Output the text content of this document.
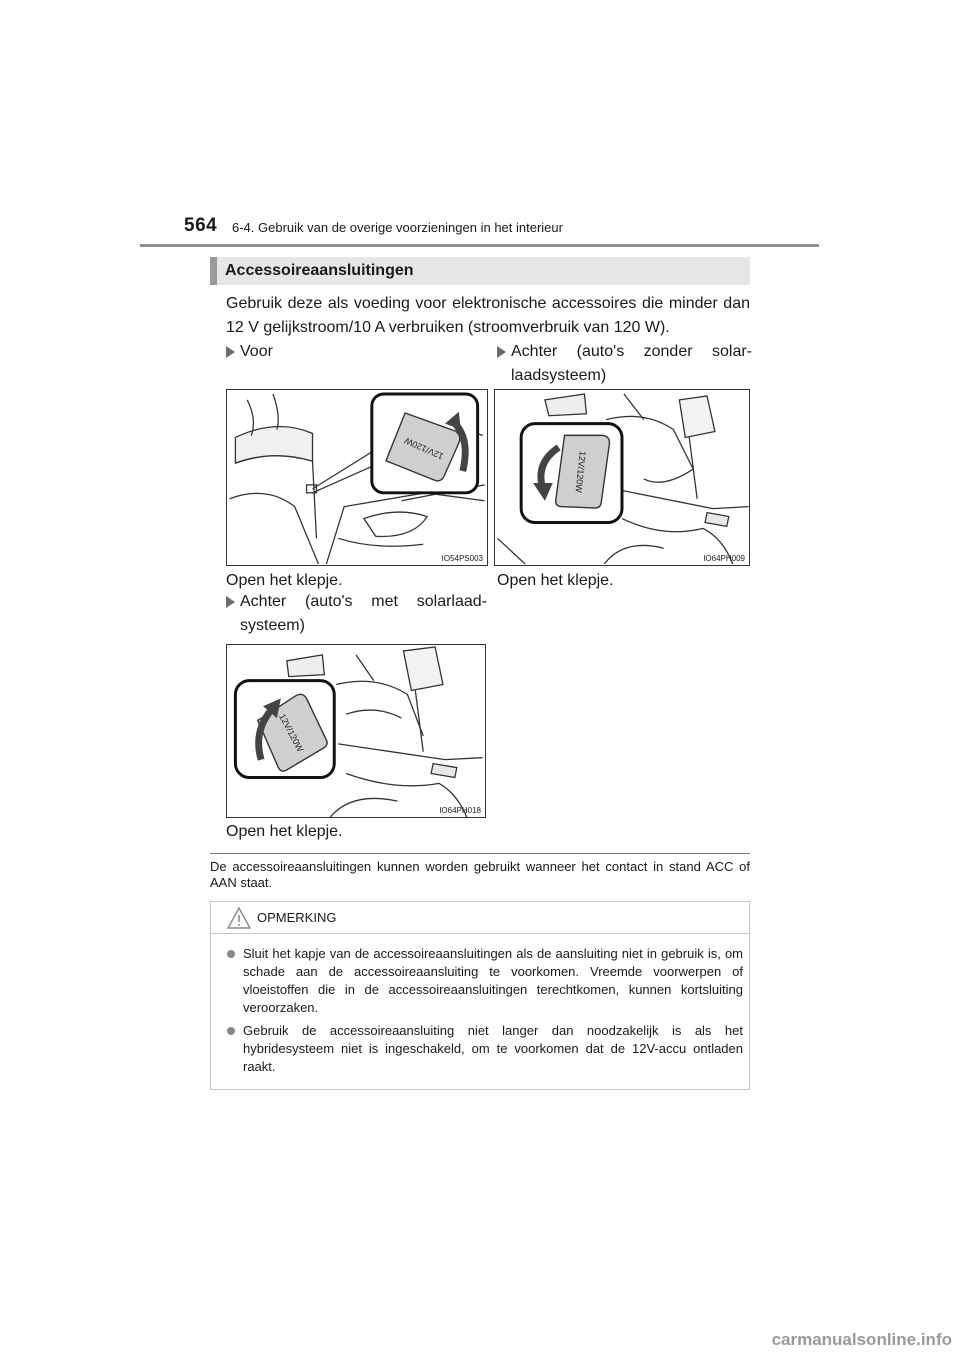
564 6-4. Gebruik van de overige voorzieningen in het interieur
Accessoireaansluitingen

Gebruik deze als voeding voor elektronische accessoires die minder dan 12 V gelijkstroom/10 A verbruiken (stroomverbruik van 120 W).

Voor
12V/120W
IO54PS003
Open het klepje.
Achter (auto's zonder solar-laadsysteem)
12V/120W
IO64PH009
Open het klepje.
Achter (auto's met solarlaad-systeem)
12V/120W
IO64PH018
Open het klepje.

De accessoireaansluitingen kunnen worden gebruikt wanneer het contact in stand ACC of AAN staat.

OPMERKING
Sluit het kapje van de accessoireaansluitingen als de aansluiting niet in gebruik is, om schade aan de accessoireaansluiting te voorkomen. Vreemde voorwerpen of vloeistoffen die in de accessoireaansluitingen terechtkomen, kunnen kortsluiting veroorzaken.
Gebruik de accessoireaansluiting niet langer dan noodzakelijk is als het hybridesysteem niet is ingeschakeld, om te voorkomen dat de 12V-accu ontladen raakt.
carmanualsonline.info
